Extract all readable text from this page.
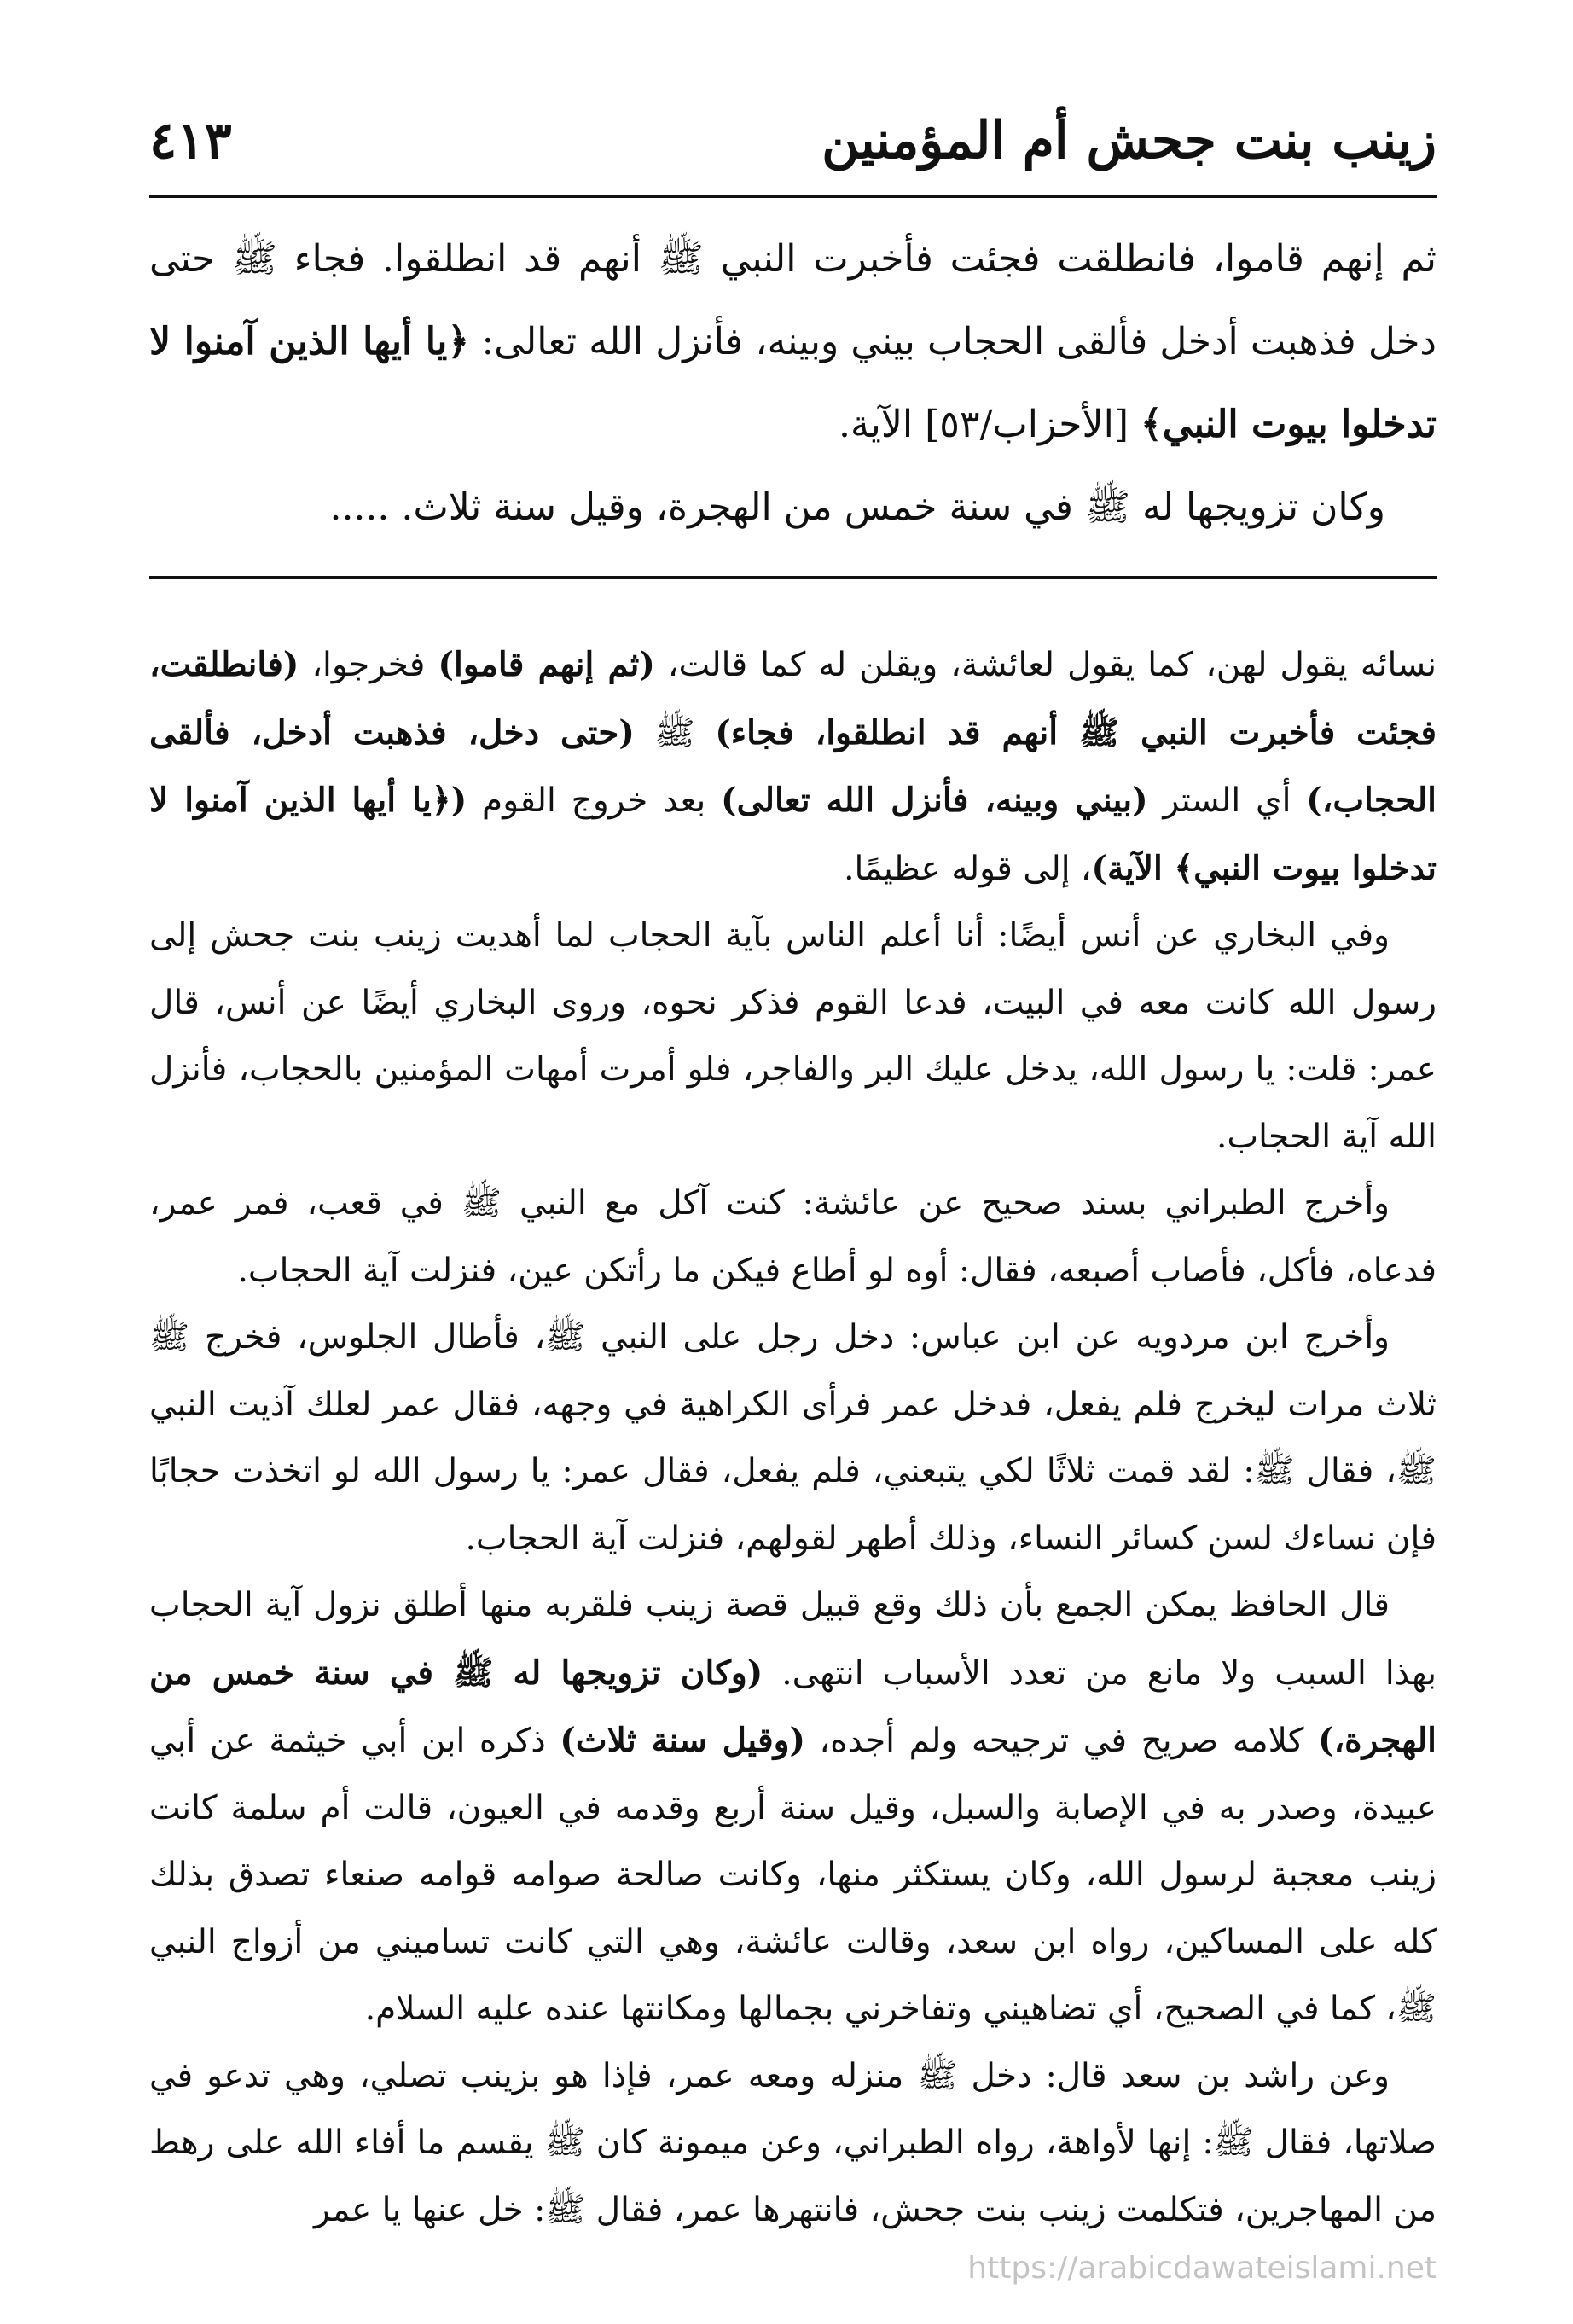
زينب بنت جحش أم المؤمنين
٤١٣

ثم إنهم قاموا، فانطلقت فجئت فأخبرت النبي ﷺ أنهم قد انطلقوا. فجاء ﷺ حتى دخل فذهبت أدخل فألقى الحجاب بيني وبينه، فأنزل الله تعالى: ﴿يا أيها الذين آمنوا لا تدخلوا بيوت النبي﴾ [الأحزاب/٥٣] الآية.

وكان تزويجها له ﷺ في سنة خمس من الهجرة، وقيل سنة ثلاث. .....

نسائه يقول لهن، كما يقول لعائشة، ويقلن له كما قالت، (ثم إنهم قاموا) فخرجوا، (فانطلقت، فجئت فأخبرت النبي ﷺ أنهم قد انطلقوا، فجاء) ﷺ (حتى دخل، فذهبت أدخل، فألقى الحجاب،) أي الستر (بيني وبينه، فأنزل الله تعالى) بعد خروج القوم (﴿يا أيها الذين آمنوا لا تدخلوا بيوت النبي﴾ الآية)، إلى قوله عظيمًا.

وفي البخاري عن أنس أيضًا: أنا أعلم الناس بآية الحجاب لما أهديت زينب بنت جحش إلى رسول الله كانت معه في البيت، فدعا القوم فذكر نحوه، وروى البخاري أيضًا عن أنس، قال عمر: قلت: يا رسول الله، يدخل عليك البر والفاجر، فلو أمرت أمهات المؤمنين بالحجاب، فأنزل الله آية الحجاب.

وأخرج الطبراني بسند صحيح عن عائشة: كنت آكل مع النبي ﷺ في قعب، فمر عمر، فدعاه، فأكل، فأصاب أصبعه، فقال: أوه لو أطاع فيكن ما رأتكن عين، فنزلت آية الحجاب.

وأخرج ابن مردويه عن ابن عباس: دخل رجل على النبي ﷺ، فأطال الجلوس، فخرج ﷺ ثلاث مرات ليخرج فلم يفعل، فدخل عمر فرأى الكراهية في وجهه، فقال عمر لعلك آذيت النبي ﷺ، فقال ﷺ: لقد قمت ثلاثًا لكي يتبعني، فلم يفعل، فقال عمر: يا رسول الله لو اتخذت حجابًا فإن نساءك لسن كسائر النساء، وذلك أطهر لقولهم، فنزلت آية الحجاب.

قال الحافظ يمكن الجمع بأن ذلك وقع قبيل قصة زينب فلقربه منها أطلق نزول آية الحجاب بهذا السبب ولا مانع من تعدد الأسباب انتهى. (وكان تزويجها له ﷺ في سنة خمس من الهجرة،) كلامه صريح في ترجيحه ولم أجده، (وقيل سنة ثلاث) ذكره ابن أبي خيثمة عن أبي عبيدة، وصدر به في الإصابة والسبل، وقيل سنة أربع وقدمه في العيون، قالت أم سلمة كانت زينب معجبة لرسول الله، وكان يستكثر منها، وكانت صالحة صوامه قوامه صنعاء تصدق بذلك كله على المساكين، رواه ابن سعد، وقالت عائشة، وهي التي كانت تساميني من أزواج النبي ﷺ، كما في الصحيح، أي تضاهيني وتفاخرني بجمالها ومكانتها عنده عليه السلام.

وعن راشد بن سعد قال: دخل ﷺ منزله ومعه عمر، فإذا هو بزينب تصلي، وهي تدعو في صلاتها، فقال ﷺ: إنها لأواهة، رواه الطبراني، وعن ميمونة كان ﷺ يقسم ما أفاء الله على رهط من المهاجرين، فتكلمت زينب بنت جحش، فانتهرها عمر، فقال ﷺ: خل عنها يا عمر

https://arabicdawateislami.net
